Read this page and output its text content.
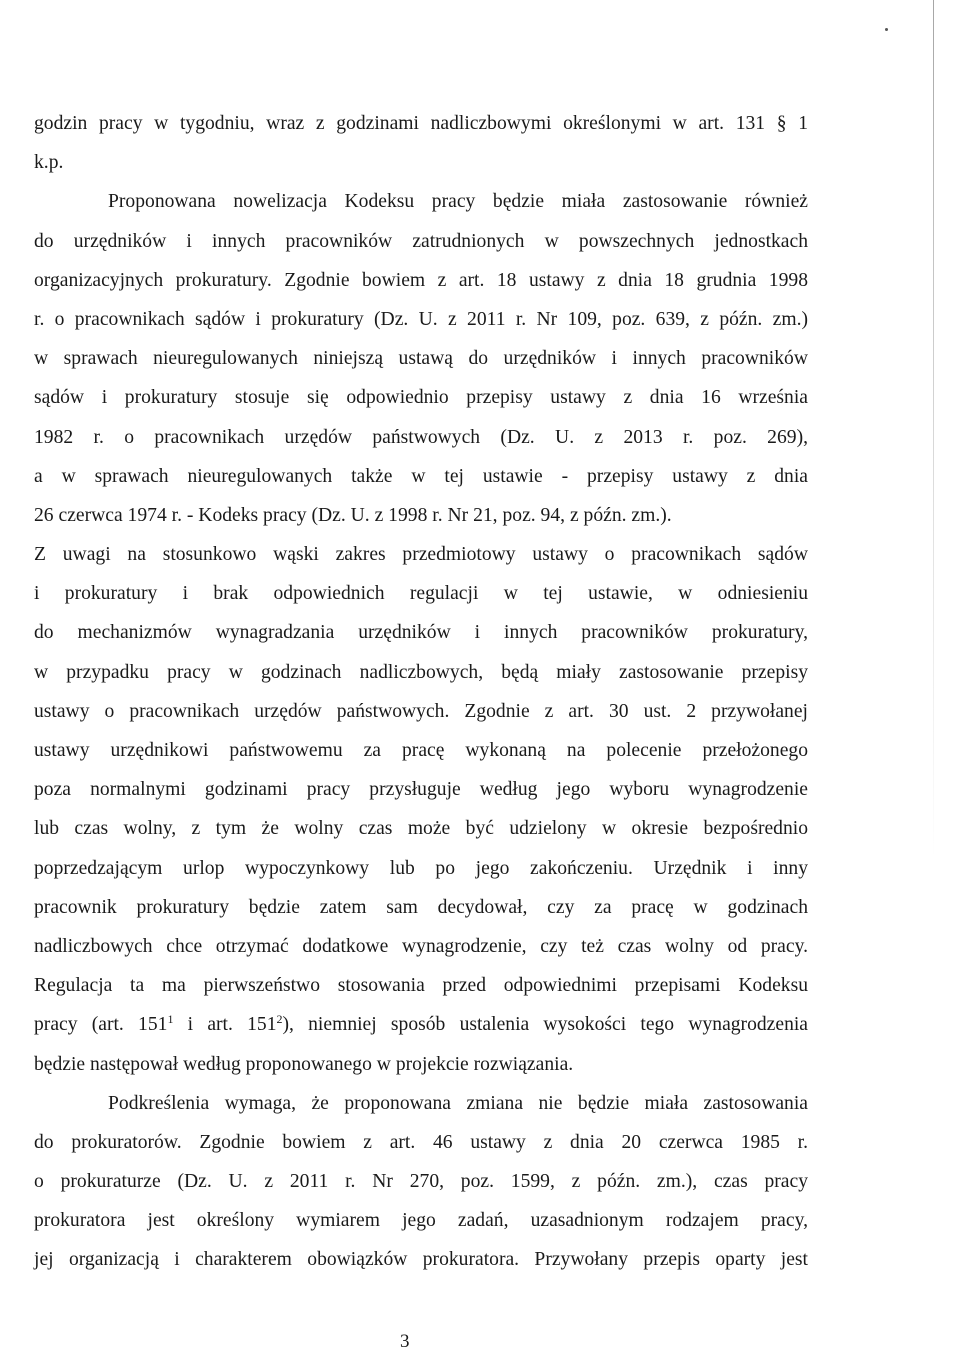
godzin pracy w tygodniu, wraz z godzinami nadliczbowymi określonymi w art. 131 § 1
k.p.
Proponowana nowelizacja Kodeksu pracy będzie miała zastosowanie również
do urzędników i innych pracowników zatrudnionych w powszechnych jednostkach
organizacyjnych prokuratury. Zgodnie bowiem z art. 18 ustawy z dnia 18 grudnia 1998
r. o pracownikach sądów i prokuratury (Dz. U. z 2011 r. Nr 109, poz. 639, z późn. zm.)
w sprawach nieuregulowanych niniejszą ustawą do urzędników i innych pracowników
sądów i prokuratury stosuje się odpowiednio przepisy ustawy z dnia 16 września
1982 r. o pracownikach urzędów państwowych (Dz. U. z 2013 r. poz. 269),
a w sprawach nieuregulowanych także w tej ustawie - przepisy ustawy z dnia
26 czerwca 1974 r. - Kodeks pracy (Dz. U. z 1998 r. Nr 21, poz. 94, z późn. zm.).
Z uwagi na stosunkowo wąski zakres przedmiotowy ustawy o pracownikach sądów
i prokuratury i brak odpowiednich regulacji w tej ustawie, w odniesieniu
do mechanizmów wynagradzania urzędników i innych pracowników prokuratury,
w przypadku pracy w godzinach nadliczbowych, będą miały zastosowanie przepisy
ustawy o pracownikach urzędów państwowych. Zgodnie z art. 30 ust. 2 przywołanej
ustawy urzędnikowi państwowemu za pracę wykonaną na polecenie przełożonego
poza normalnymi godzinami pracy przysługuje według jego wyboru wynagrodzenie
lub czas wolny, z tym że wolny czas może być udzielony w okresie bezpośrednio
poprzedzającym urlop wypoczynkowy lub po jego zakończeniu. Urzędnik i inny
pracownik prokuratury będzie zatem sam decydował, czy za pracę w godzinach
nadliczbowych chce otrzymać dodatkowe wynagrodzenie, czy też czas wolny od pracy.
Regulacja ta ma pierwszeństwo stosowania przed odpowiednimi przepisami Kodeksu
pracy (art. $151^1$ i art. $151^2$), niemniej sposób ustalenia wysokości tego wynagrodzenia
będzie następował według proponowanego w projekcie rozwiązania.
Podkreślenia wymaga, że proponowana zmiana nie będzie miała zastosowania
do prokuratorów. Zgodnie bowiem z art. 46 ustawy z dnia 20 czerwca 1985 r.
o prokuraturze (Dz. U. z 2011 r. Nr 270, poz. 1599, z późn. zm.), czas pracy
prokuratora jest określony wymiarem jego zadań, uzasadnionym rodzajem pracy,
jej organizacją i charakterem obowiązków prokuratora. Przywołany przepis oparty jest
3
